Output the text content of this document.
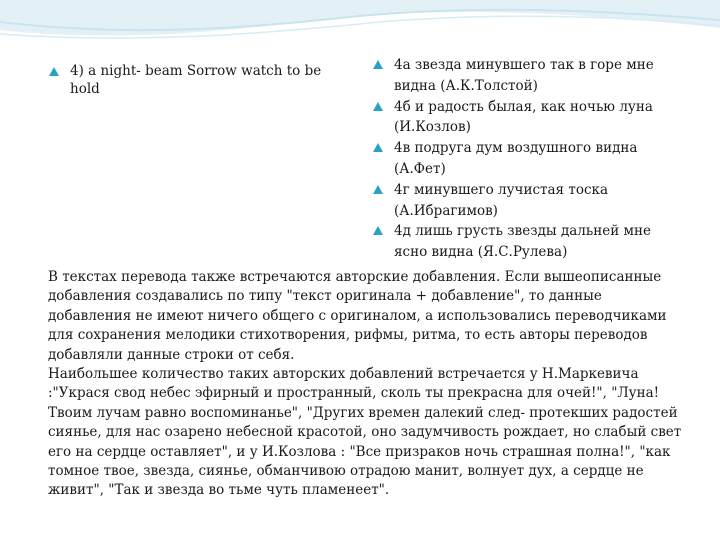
4) a night- beam Sorrow watch to be hold
4а звезда минувшего так в горе мне видна (А.К.Толстой)
4б и радость былая, как ночью луна (И.Козлов)
4в подруга дум воздушного видна (А.Фет)
4г минувшего лучистая тоска (А.Ибрагимов)
4д лишь грусть звезды дальней мне ясно видна (Я.С.Рулева)

В текстах перевода также встречаются авторские добавления. Если вышеописанные добавления создавались по типу "текст оригинала + добавление", то данные добавления не имеют ничего общего с оригиналом, а использовались переводчиками для сохранения мелодики стихотворения, рифмы, ритма, то есть авторы переводов добавляли данные строки от себя.

Наибольшее количество таких авторских добавлений встречается у Н.Маркевича :"Украся свод небес эфирный и пространный, сколь ты прекрасна для очей!", "Луна! Твоим лучам равно воспоминанье", "Других времен далекий след- протекших радостей сиянье, для нас озарено небесной красотой, оно задумчивость рождает, но слабый свет его на сердце оставляет", и у И.Козлова : "Все призраков ночь страшная полна!", "как томное твое, звезда, сиянье, обманчивою отрадою манит, волнует дух, а сердце не живит", "Так и звезда во тьме чуть пламенеет".
